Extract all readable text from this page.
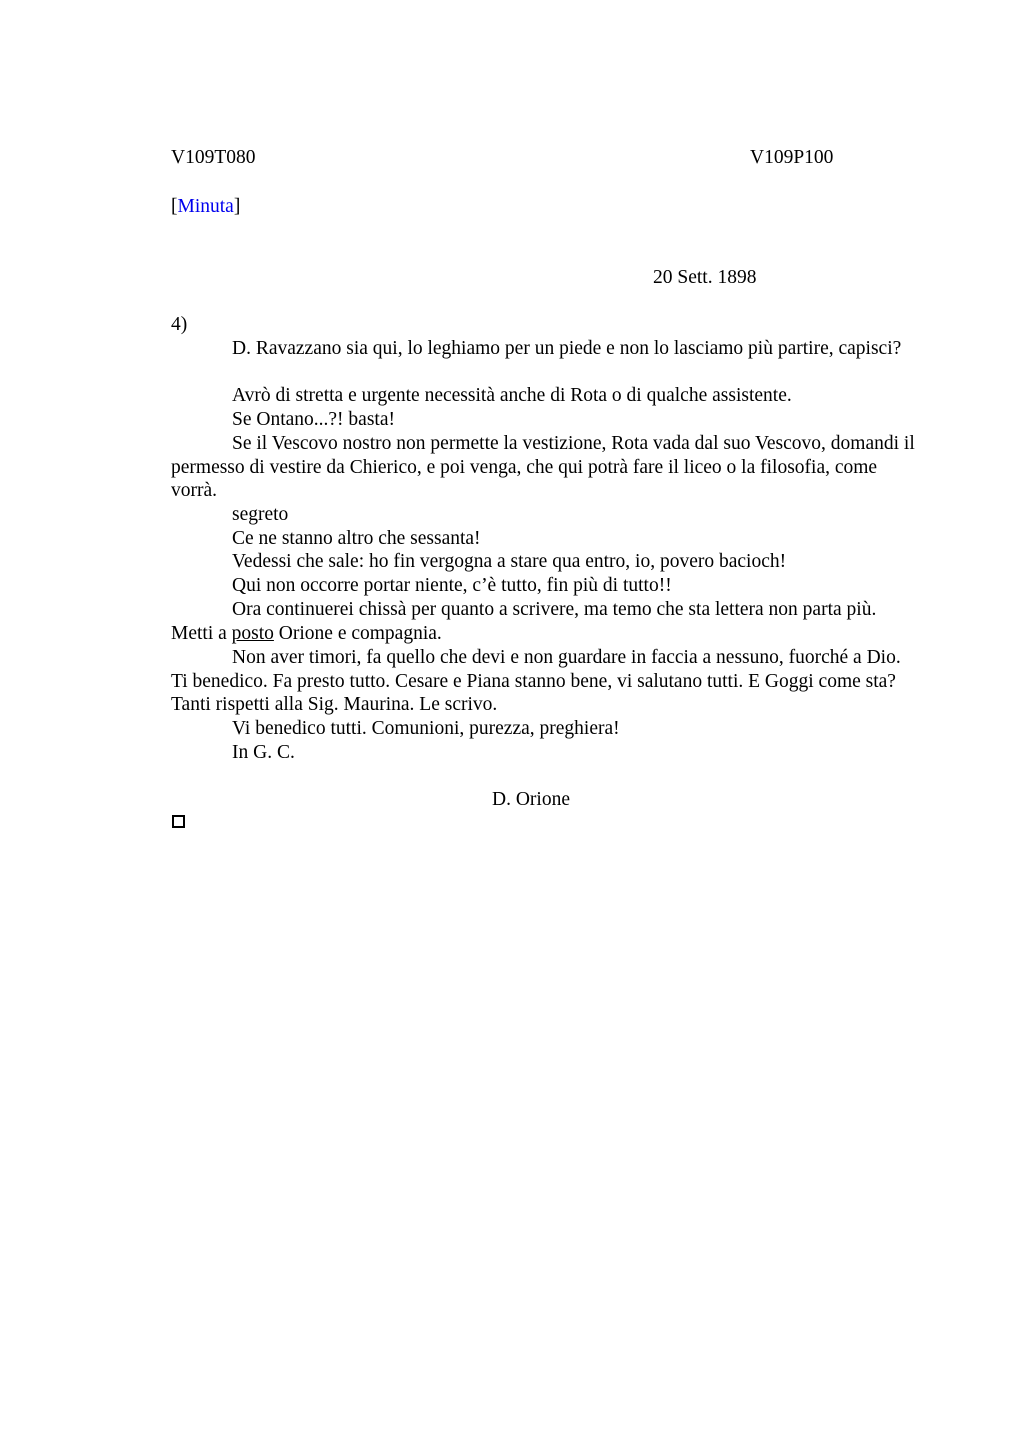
V109T080	V109P100
[Minuta]
20 Sett. 1898
4)

D. Ravazzano sia qui, lo leghiamo per un piede e non lo lasciamo più partire, capisci?

Avrò di stretta e urgente necessità anche di Rota o di qualche assistente.

Se Ontano...?! basta!

Se il Vescovo nostro non permette la vestizione, Rota vada dal suo Vescovo, domandi il permesso di vestire da Chierico, e poi venga, che qui potrà fare il liceo o la filosofia, come vorrà.

segreto

Ce ne stanno altro che sessanta!

Vedessi che sale: ho fin vergogna a stare qua entro, io, povero bacioch!

Qui non occorre portar niente, c’è tutto, fin più di tutto!!

Ora continuerei chissà per quanto a scrivere, ma temo che sta lettera non parta più. Metti a posto Orione e compagnia.

Non aver timori, fa quello che devi e non guardare in faccia a nessuno, fuorché a Dio. Ti benedico. Fa presto tutto. Cesare e Piana stanno bene, vi salutano tutti. E Goggi come sta? Tanti rispetti alla Sig. Maurina. Le scrivo.

Vi benedico tutti. Comunioni, purezza, preghiera!

In G. C.

D. Orione
